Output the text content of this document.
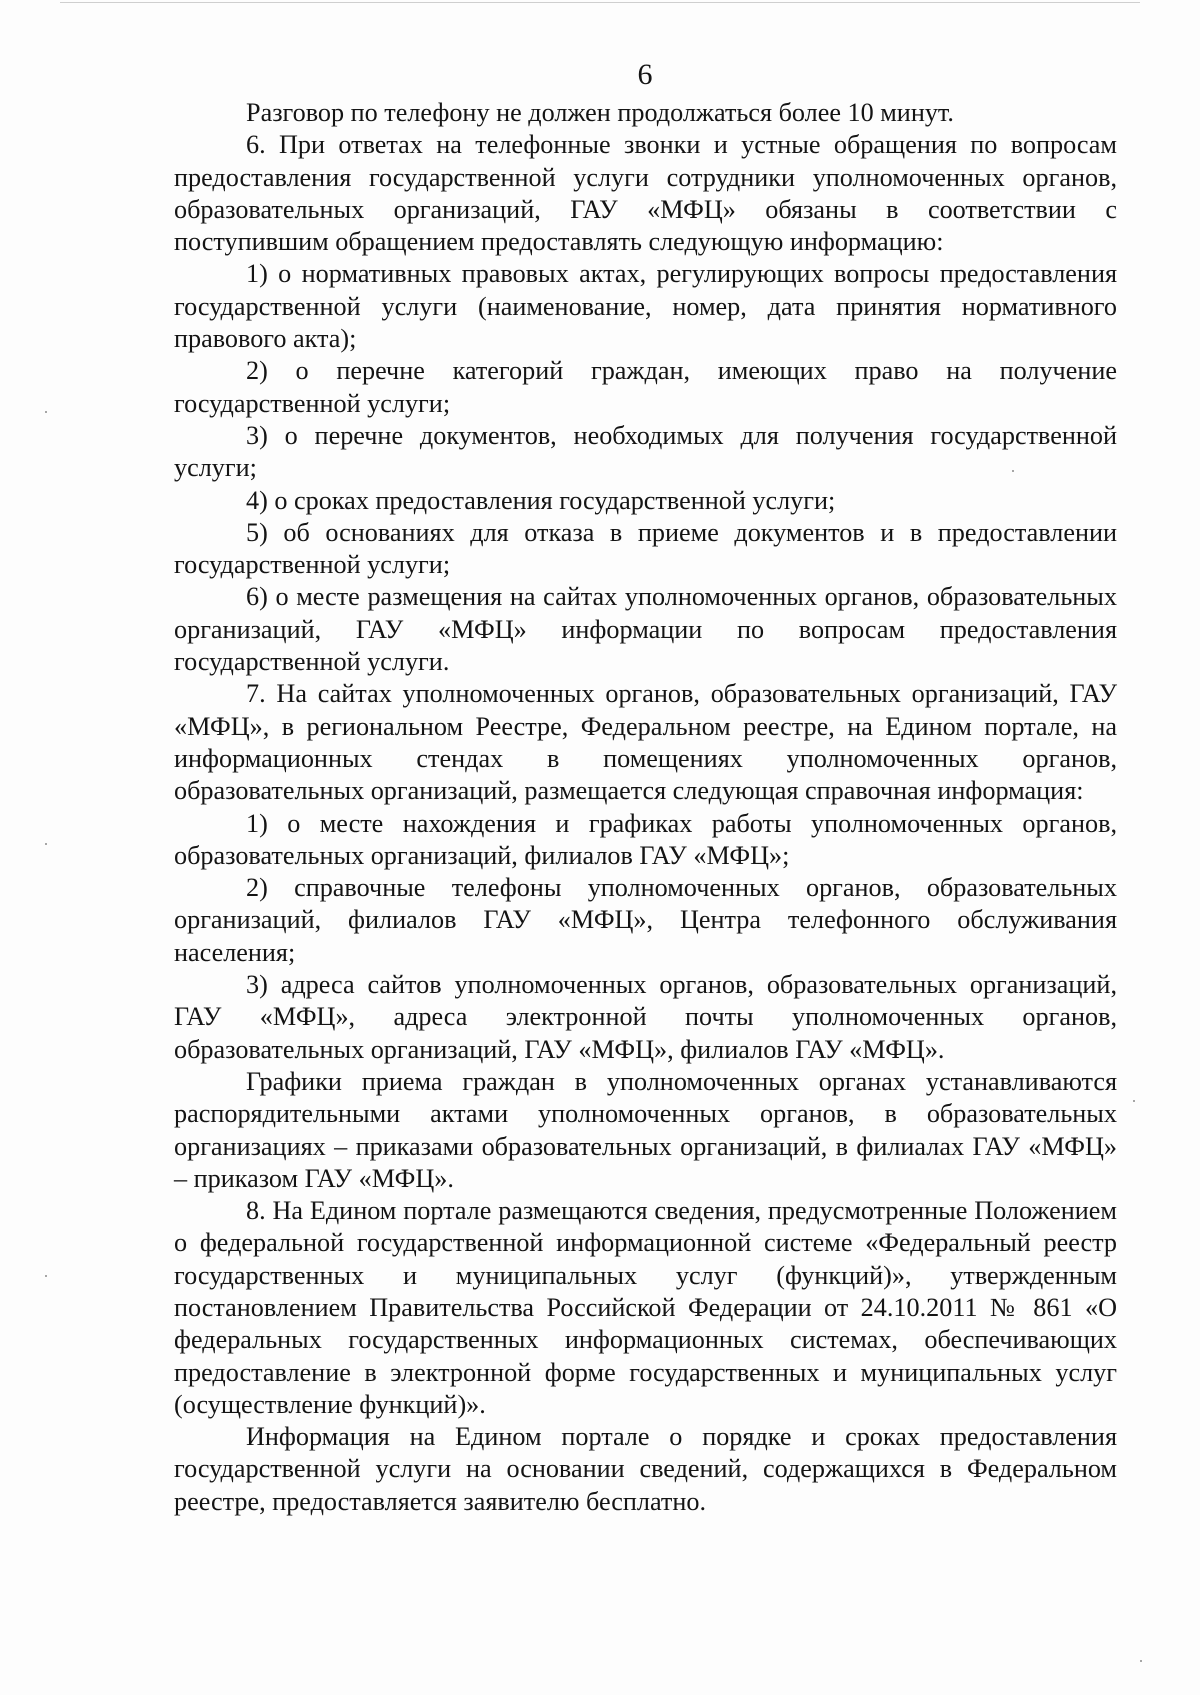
6

Разговор по телефону не должен продолжаться более 10 минут.

6. При ответах на телефонные звонки и устные обращения по вопросам предоставления государственной услуги сотрудники уполномоченных органов, образовательных организаций, ГАУ «МФЦ» обязаны в соответствии с поступившим обращением предоставлять следующую информацию:

1) о нормативных правовых актах, регулирующих вопросы предоставления государственной услуги (наименование, номер, дата принятия нормативного правового акта);

2) о перечне категорий граждан, имеющих право на получение государственной услуги;

3) о перечне документов, необходимых для получения государственной услуги;

4) о сроках предоставления государственной услуги;

5) об основаниях для отказа в приеме документов и в предоставлении государственной услуги;

6) о месте размещения на сайтах уполномоченных органов, образовательных организаций, ГАУ «МФЦ» информации по вопросам предоставления государственной услуги.

7. На сайтах уполномоченных органов, образовательных организаций, ГАУ «МФЦ», в региональном Реестре, Федеральном реестре, на Едином портале, на информационных стендах в помещениях уполномоченных органов, образовательных организаций, размещается следующая справочная информация:

1) о месте нахождения и графиках работы уполномоченных органов, образовательных организаций, филиалов ГАУ «МФЦ»;

2) справочные телефоны уполномоченных органов, образовательных организаций, филиалов ГАУ «МФЦ», Центра телефонного обслуживания населения;

3) адреса сайтов уполномоченных органов, образовательных организаций, ГАУ «МФЦ», адреса электронной почты уполномоченных органов, образовательных организаций, ГАУ «МФЦ», филиалов ГАУ «МФЦ».

Графики приема граждан в уполномоченных органах устанавливаются распорядительными актами уполномоченных органов, в образовательных организациях – приказами образовательных организаций, в филиалах ГАУ «МФЦ» – приказом ГАУ «МФЦ».

8. На Едином портале размещаются сведения, предусмотренные Положением о федеральной государственной информационной системе «Федеральный реестр государственных и муниципальных услуг (функций)», утвержденным постановлением Правительства Российской Федерации от 24.10.2011 № 861 «О федеральных государственных информационных системах, обеспечивающих предоставление в электронной форме государственных и муниципальных услуг (осуществление функций)».

Информация на Едином портале о порядке и сроках предоставления государственной услуги на основании сведений, содержащихся в Федеральном реестре, предоставляется заявителю бесплатно.
